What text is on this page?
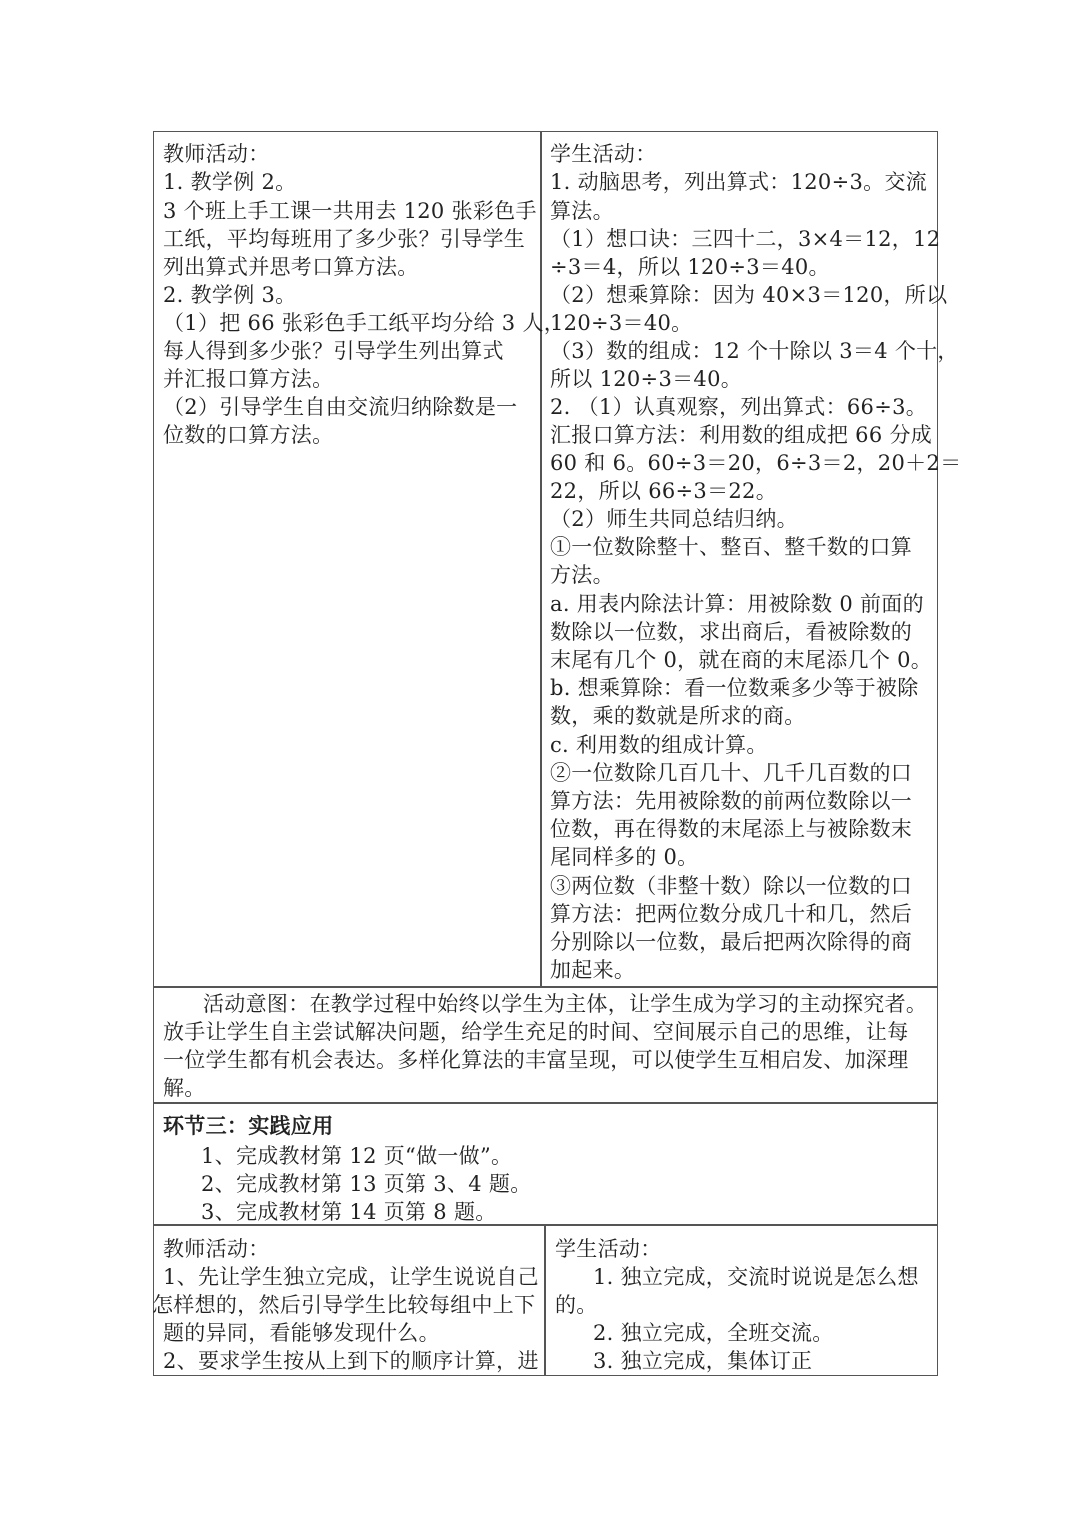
教师活动：
1. 教学例 2。
3 个班上手工课一共用去 120 张彩色手
工纸，平均每班用了多少张？引导学生
列出算式并思考口算方法。
2. 教学例 3。
（1）把 66 张彩色手工纸平均分给 3 人，
每人得到多少张？引导学生列出算式
并汇报口算方法。
（2）引导学生自由交流归纳除数是一
位数的口算方法。
学生活动：
1. 动脑思考，列出算式：120÷3。交流
算法。
（1）想口诀：三四十二，3×4＝12，12
÷3＝4，所以 120÷3＝40。
（2）想乘算除：因为 40×3＝120，所以
120÷3＝40。
（3）数的组成：12 个十除以 3＝4 个十，
所以 120÷3＝40。
2. （1）认真观察，列出算式：66÷3。
汇报口算方法：利用数的组成把 66 分成
60 和 6。60÷3＝20，6÷3＝2，20＋2＝
22，所以 66÷3＝22。
（2）师生共同总结归纳。
①一位数除整十、整百、整千数的口算
方法。
a. 用表内除法计算：用被除数 0 前面的
数除以一位数，求出商后，看被除数的
末尾有几个 0，就在商的末尾添几个 0。
b. 想乘算除：看一位数乘多少等于被除
数，乘的数就是所求的商。
c. 利用数的组成计算。
②一位数除几百几十、几千几百数的口
算方法：先用被除数的前两位数除以一
位数，再在得数的末尾添上与被除数末
尾同样多的 0。
③两位数（非整十数）除以一位数的口
算方法：把两位数分成几十和几，然后
分别除以一位数，最后把两次除得的商
加起来。
活动意图：在教学过程中始终以学生为主体，让学生成为学习的主动探究者。
放手让学生自主尝试解决问题，给学生充足的时间、空间展示自己的思维，让每
一位学生都有机会表达。多样化算法的丰富呈现，可以使学生互相启发、加深理
解。
环节三：实践应用
1、完成教材第 12 页“做一做”。
2、完成教材第 13 页第 3、4 题。
3、完成教材第 14 页第 8 题。
教师活动：
1、先让学生独立完成，让学生说说自己
怎样想的，然后引导学生比较每组中上下
题的异同，看能够发现什么。
2、要求学生按从上到下的顺序计算，进
学生活动：
1. 独立完成，交流时说说是怎么想
的。
2. 独立完成，全班交流。
3. 独立完成，集体订正
